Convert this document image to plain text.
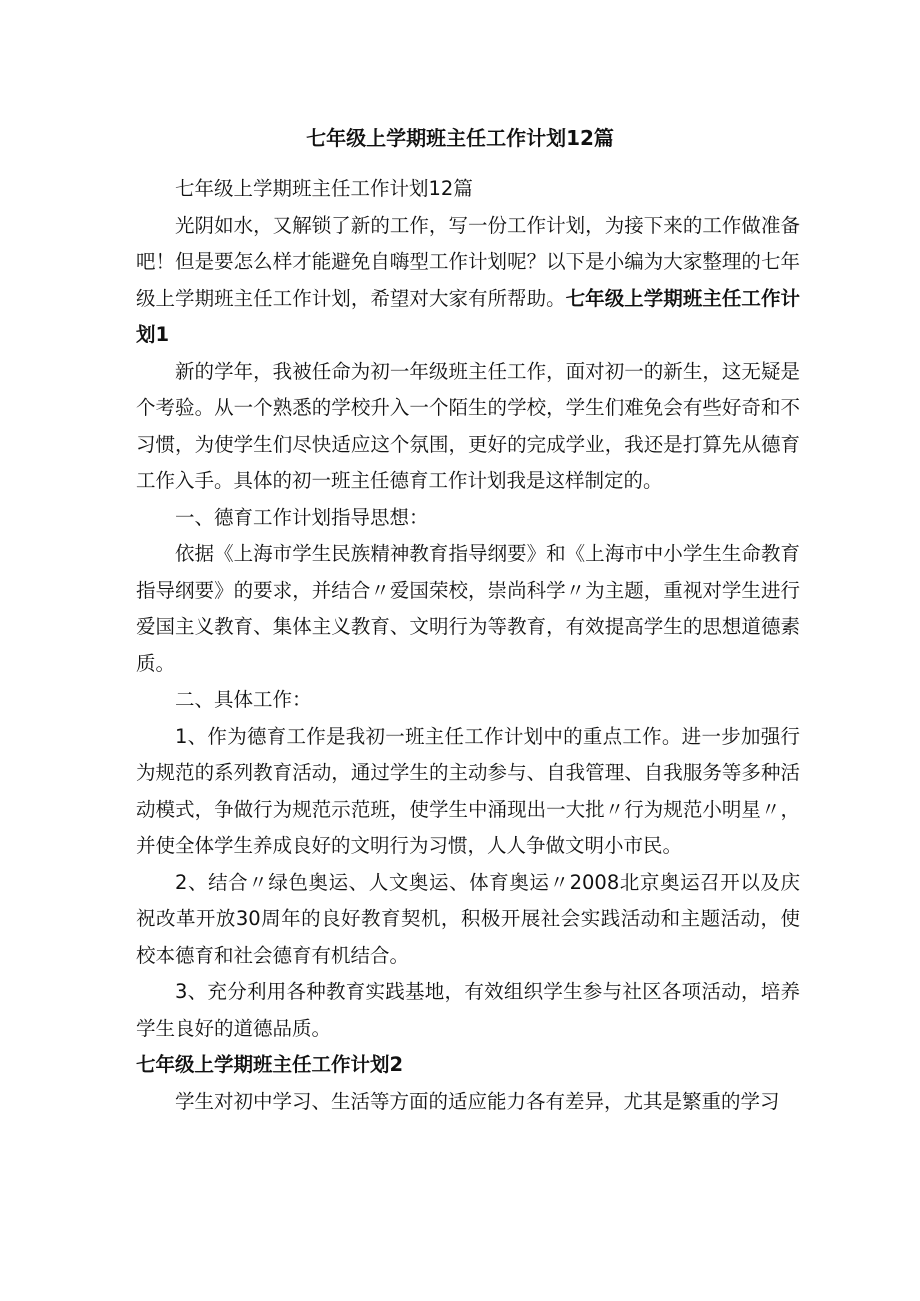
七年级上学期班主任工作计划12篇

七年级上学期班主任工作计划12篇

光阴如水，又解锁了新的工作，写一份工作计划，为接下来的工作做准备吧！但是要怎么样才能避免自嗨型工作计划呢？以下是小编为大家整理的七年级上学期班主任工作计划，希望对大家有所帮助。七年级上学期班主任工作计划1

新的学年，我被任命为初一年级班主任工作，面对初一的新生，这无疑是个考验。从一个熟悉的学校升入一个陌生的学校，学生们难免会有些好奇和不习惯，为使学生们尽快适应这个氛围，更好的完成学业，我还是打算先从德育工作入手。具体的初一班主任德育工作计划我是这样制定的。

一、德育工作计划指导思想：

依据《上海市学生民族精神教育指导纲要》和《上海市中小学生生命教育指导纲要》的要求，并结合〃爱国荣校，崇尚科学〃为主题，重视对学生进行爱国主义教育、集体主义教育、文明行为等教育，有效提高学生的思想道德素质。

二、具体工作：

1、作为德育工作是我初一班主任工作计划中的重点工作。进一步加强行为规范的系列教育活动，通过学生的主动参与、自我管理、自我服务等多种活动模式，争做行为规范示范班，使学生中涌现出一大批〃行为规范小明星〃，并使全体学生养成良好的文明行为习惯，人人争做文明小市民。

2、结合〃绿色奥运、人文奥运、体育奥运〃2008北京奥运召开以及庆祝改革开放30周年的良好教育契机，积极开展社会实践活动和主题活动，使校本德育和社会德育有机结合。

3、充分利用各种教育实践基地，有效组织学生参与社区各项活动，培养学生良好的道德品质。

七年级上学期班主任工作计划2

学生对初中学习、生活等方面的适应能力各有差异，尤其是繁重的学习
